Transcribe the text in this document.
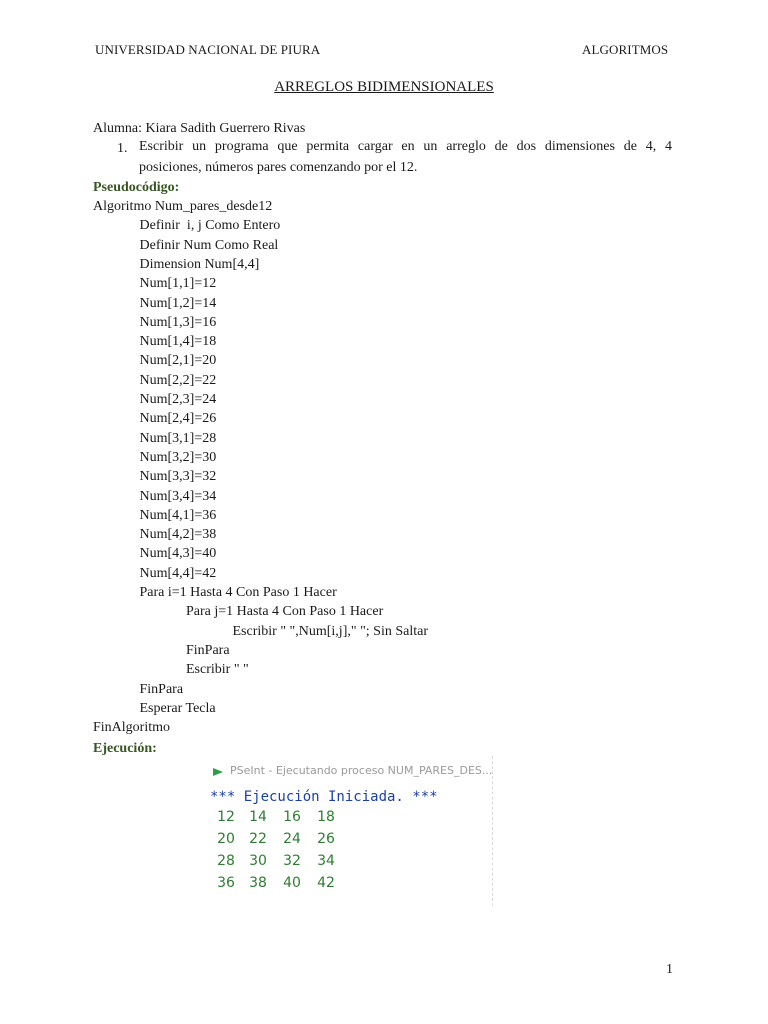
UNIVERSIDAD NACIONAL DE PIURA	ALGORITMOS
ARREGLOS BIDIMENSIONALES
Alumna: Kiara Sadith Guerrero Rivas
1. Escribir un programa que permita cargar en un arreglo de dos dimensiones de 4, 4
posiciones, números pares comenzando por el 12.
Pseudocódigo:
Algoritmo Num_pares_desde12
Definir  i, j Como Entero
Definir Num Como Real
Dimension Num[4,4]
Num[1,1]=12
Num[1,2]=14
Num[1,3]=16
Num[1,4]=18
Num[2,1]=20
Num[2,2]=22
Num[2,3]=24
Num[2,4]=26
Num[3,1]=28
Num[3,2]=30
Num[3,3]=32
Num[3,4]=34
Num[4,1]=36
Num[4,2]=38
Num[4,3]=40
Num[4,4]=42
Para i=1 Hasta 4 Con Paso 1 Hacer
Para j=1 Hasta 4 Con Paso 1 Hacer
Escribir " ",Num[i,j]," "; Sin Saltar
FinPara
Escribir " "
FinPara
Esperar Tecla
FinAlgoritmo
Ejecución:
PSeInt - Ejecutando proceso NUM_PARES_DES...
*** Ejecución Iniciada. ***
12	14	16	18
20	22	24	26
28	30	32	34
36	38	40	42
1
